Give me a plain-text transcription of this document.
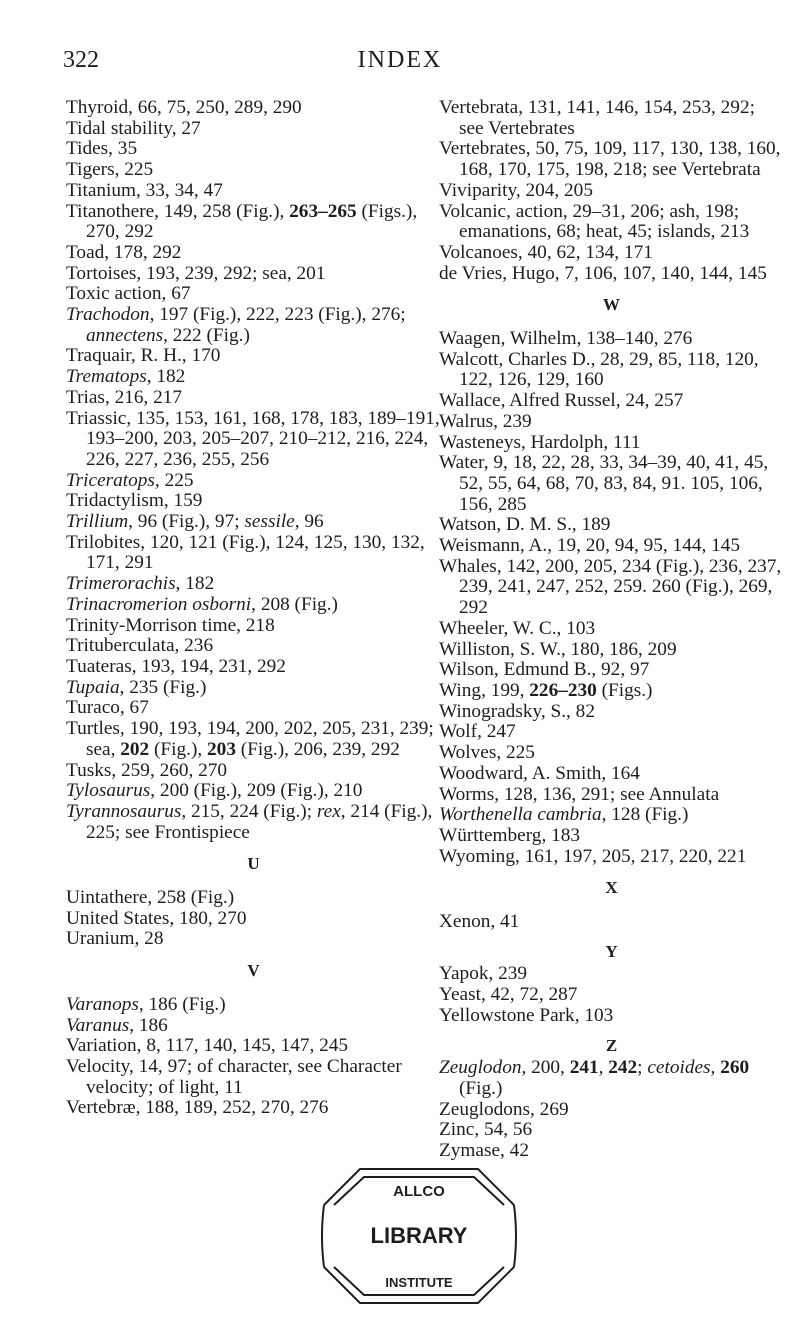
322	INDEX
Thyroid, 66, 75, 250, 289, 290
Tidal stability, 27
Tides, 35
Tigers, 225
Titanium, 33, 34, 47
Titanothere, 149, 258 (Fig.), 263–265 (Figs.), 270, 292
Toad, 178, 292
Tortoises, 193, 239, 292; sea, 201
Toxic action, 67
Trachodon, 197 (Fig.), 222, 223 (Fig.), 276; annectens, 222 (Fig.)
Traquair, R. H., 170
Trematops, 182
Trias, 216, 217
Triassic, 135, 153, 161, 168, 178, 183, 189–191, 193–200, 203, 205–207, 210–212, 216, 224, 226, 227, 236, 255, 256
Triceratops, 225
Tridactylism, 159
Trillium, 96 (Fig.), 97; sessile, 96
Trilobites, 120, 121 (Fig.), 124, 125, 130, 132, 171, 291
Trimerorachis, 182
Trinacromerion osborni, 208 (Fig.)
Trinity-Morrison time, 218
Trituberculata, 236
Tuateras, 193, 194, 231, 292
Tupaia, 235 (Fig.)
Turaco, 67
Turtles, 190, 193, 194, 200, 202, 205, 231, 239; sea, 202 (Fig.), 203 (Fig.), 206, 239, 292
Tusks, 259, 260, 270
Tylosaurus, 200 (Fig.), 209 (Fig.), 210
Tyrannosaurus, 215, 224 (Fig.); rex, 214 (Fig.), 225; see Frontispiece
U
Uintathere, 258 (Fig.)
United States, 180, 270
Uranium, 28
V
Varanops, 186 (Fig.)
Varanus, 186
Variation, 8, 117, 140, 145, 147, 245
Velocity, 14, 97; of character, see Character velocity; of light, 11
Vertebræ, 188, 189, 252, 270, 276
Vertebrata, 131, 141, 146, 154, 253, 292; see Vertebrates
Vertebrates, 50, 75, 109, 117, 130, 138, 160, 168, 170, 175, 198, 218; see Vertebrata
Viviparity, 204, 205
Volcanic, action, 29–31, 206; ash, 198; emanations, 68; heat, 45; islands, 213
Volcanoes, 40, 62, 134, 171
de Vries, Hugo, 7, 106, 107, 140, 144, 145
W
Waagen, Wilhelm, 138–140, 276
Walcott, Charles D., 28, 29, 85, 118, 120, 122, 126, 129, 160
Wallace, Alfred Russel, 24, 257
Walrus, 239
Wasteneys, Hardolph, 111
Water, 9, 18, 22, 28, 33, 34–39, 40, 41, 45, 52, 55, 64, 68, 70, 83, 84, 91. 105, 106, 156, 285
Watson, D. M. S., 189
Weismann, A., 19, 20, 94, 95, 144, 145
Whales, 142, 200, 205, 234 (Fig.), 236, 237, 239, 241, 247, 252, 259. 260 (Fig.), 269, 292
Wheeler, W. C., 103
Williston, S. W., 180, 186, 209
Wilson, Edmund B., 92, 97
Wing, 199, 226–230 (Figs.)
Winogradsky, S., 82
Wolf, 247
Wolves, 225
Woodward, A. Smith, 164
Worms, 128, 136, 291; see Annulata
Worthenella cambria, 128 (Fig.)
Württemberg, 183
Wyoming, 161, 197, 205, 217, 220, 221
X
Xenon, 41
Y
Yapok, 239
Yeast, 42, 72, 287
Yellowstone Park, 103
Z
Zeuglodon, 200, 241, 242; cetoides, 260 (Fig.)
Zeuglodons, 269
Zinc, 54, 56
Zymase, 42
ALLCO
LIBRARY
INSTITUTE
